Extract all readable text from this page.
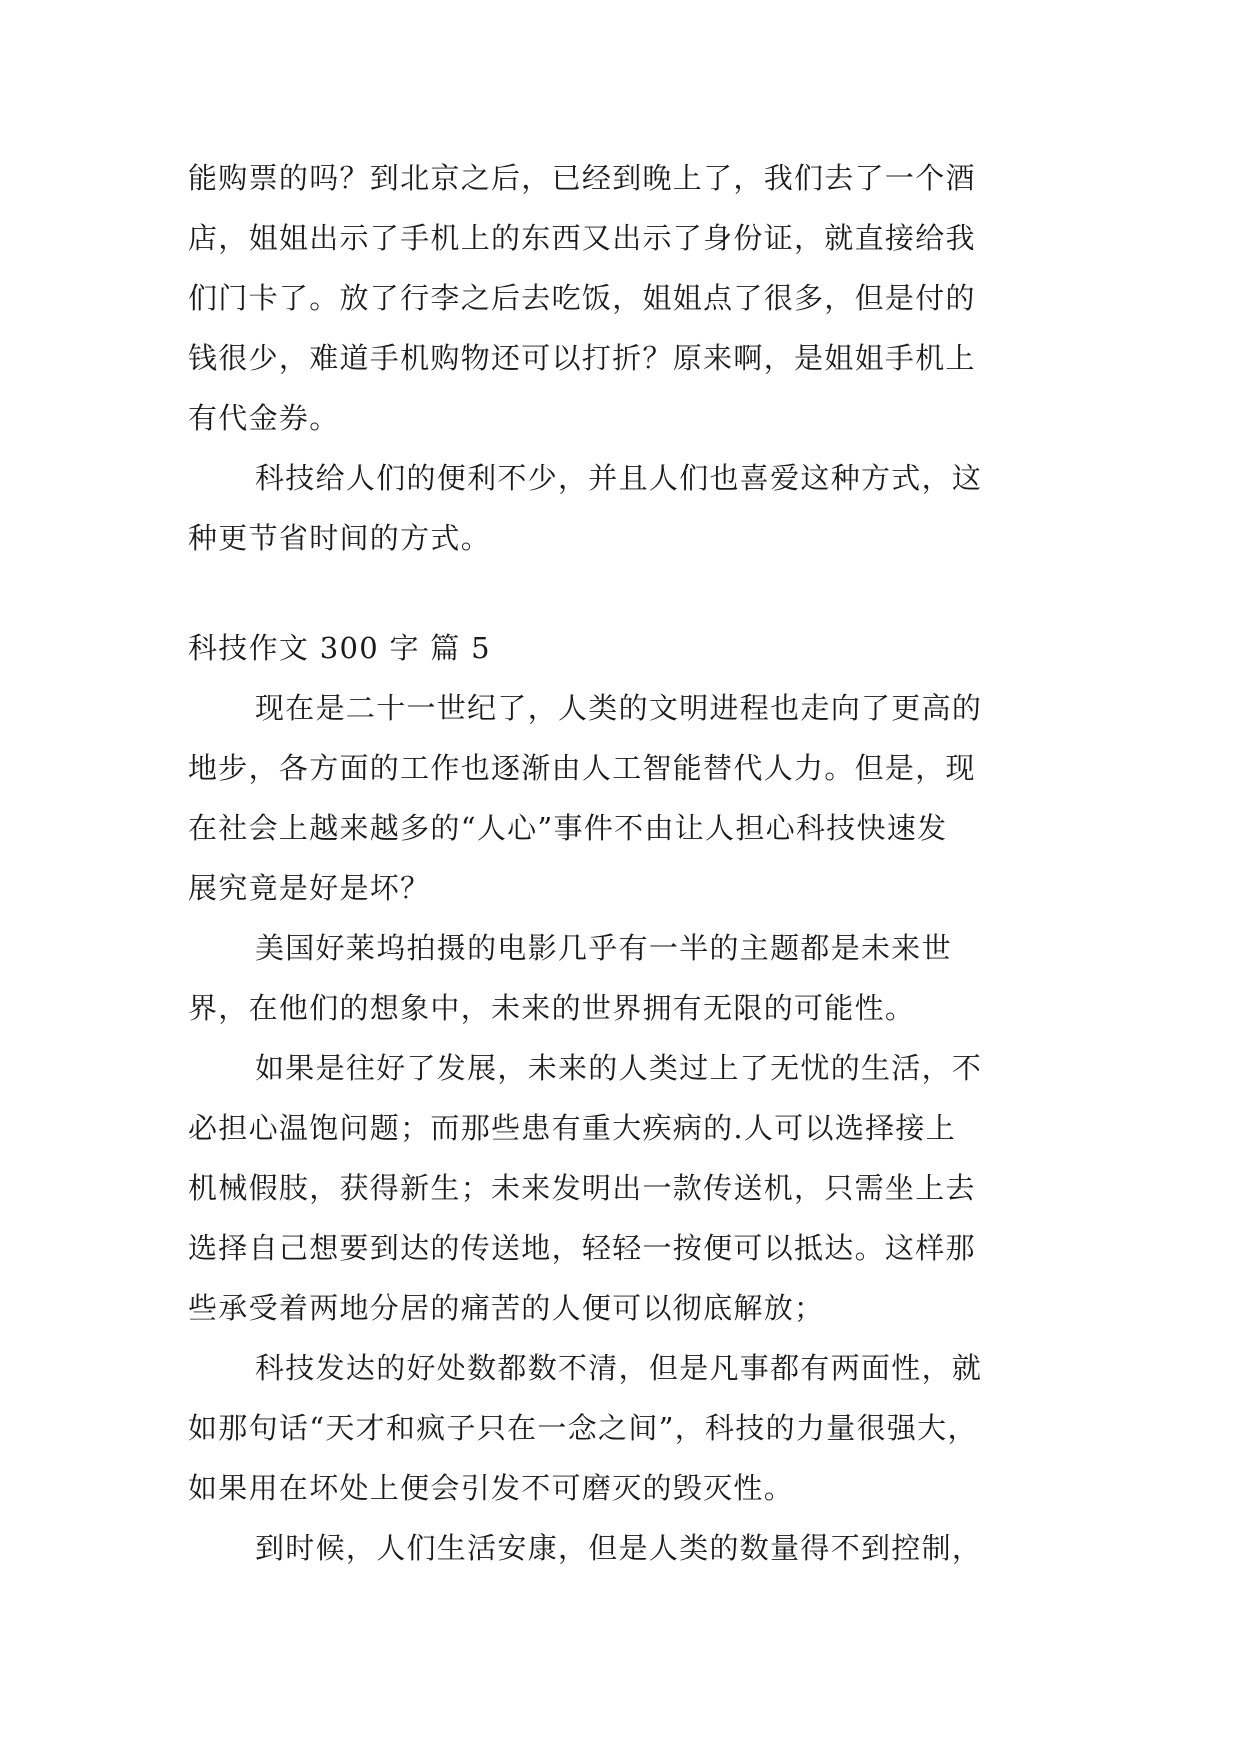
能购票的吗？到北京之后，已经到晚上了，我们去了一个酒
店，姐姐出示了手机上的东西又出示了身份证，就直接给我
们门卡了。放了行李之后去吃饭，姐姐点了很多，但是付的
钱很少，难道手机购物还可以打折？原来啊，是姐姐手机上
有代金券。
科技给人们的便利不少，并且人们也喜爱这种方式，这
种更节省时间的方式。
科技作文 300 字 篇 5
现在是二十一世纪了，人类的文明进程也走向了更高的
地步，各方面的工作也逐渐由人工智能替代人力。但是，现
在社会上越来越多的“人心”事件不由让人担心科技快速发
展究竟是好是坏？
美国好莱坞拍摄的电影几乎有一半的主题都是未来世
界，在他们的想象中，未来的世界拥有无限的可能性。
如果是往好了发展，未来的人类过上了无忧的生活，不
必担心温饱问题；而那些患有重大疾病的.人可以选择接上
机械假肢，获得新生；未来发明出一款传送机，只需坐上去
选择自己想要到达的传送地，轻轻一按便可以抵达。这样那
些承受着两地分居的痛苦的人便可以彻底解放；
科技发达的好处数都数不清，但是凡事都有两面性，就
如那句话“天才和疯子只在一念之间”，科技的力量很强大，
如果用在坏处上便会引发不可磨灭的毁灭性。
到时候，人们生活安康，但是人类的数量得不到控制，
